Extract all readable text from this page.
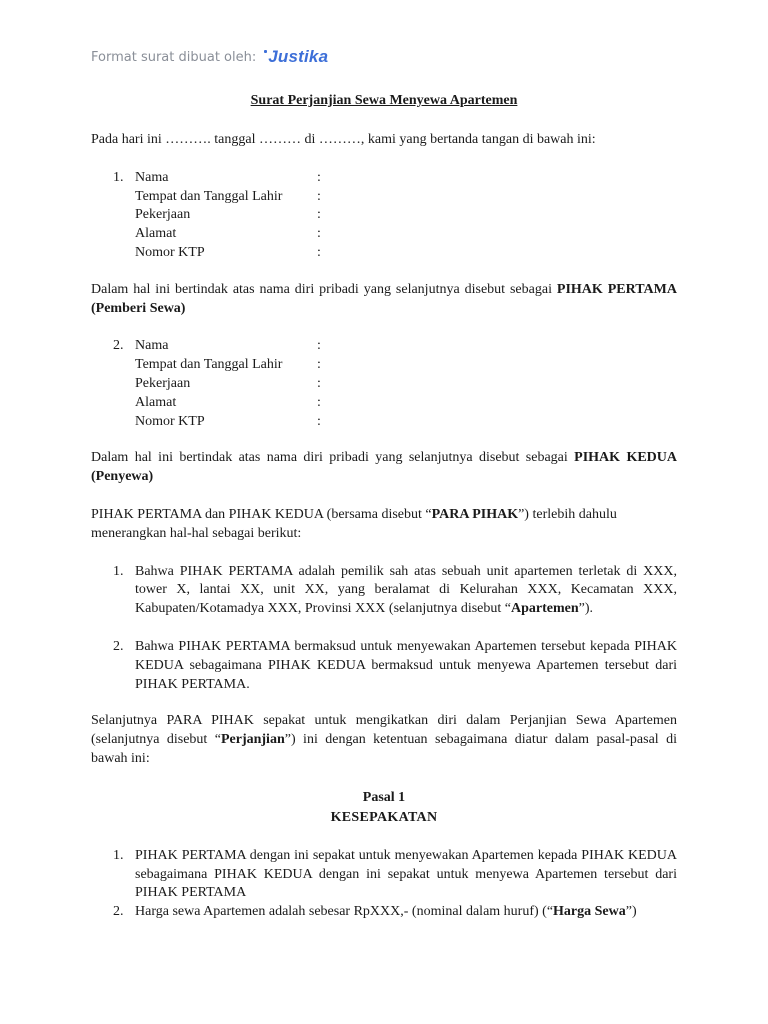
Format surat dibuat oleh: Justika

Surat Perjanjian Sewa Menyewa Apartemen

Pada hari ini ………. tanggal ……… di ………, kami yang bertanda tangan di bawah ini:

1. Nama	:
Tempat dan Tanggal Lahir	:
Pekerjaan	:
Alamat	:
Nomor KTP	:

Dalam hal ini bertindak atas nama diri pribadi yang selanjutnya disebut sebagai PIHAK PERTAMA (Pemberi Sewa)

2. Nama	:
Tempat dan Tanggal Lahir	:
Pekerjaan	:
Alamat	:
Nomor KTP	:

Dalam hal ini bertindak atas nama diri pribadi yang selanjutnya disebut sebagai PIHAK KEDUA (Penyewa)

PIHAK PERTAMA dan PIHAK KEDUA (bersama disebut “PARA PIHAK”) terlebih dahulu menerangkan hal-hal sebagai berikut:

1. Bahwa PIHAK PERTAMA adalah pemilik sah atas sebuah unit apartemen terletak di XXX, tower X, lantai XX, unit XX, yang beralamat di Kelurahan XXX, Kecamatan XXX, Kabupaten/Kotamadya XXX, Provinsi XXX (selanjutnya disebut “Apartemen”).
2. Bahwa PIHAK PERTAMA bermaksud untuk menyewakan Apartemen tersebut kepada PIHAK KEDUA sebagaimana PIHAK KEDUA bermaksud untuk menyewa Apartemen tersebut dari PIHAK PERTAMA.

Selanjutnya PARA PIHAK sepakat untuk mengikatkan diri dalam Perjanjian Sewa Apartemen (selanjutnya disebut “Perjanjian”) ini dengan ketentuan sebagaimana diatur dalam pasal-pasal di bawah ini:

Pasal 1

KESEPAKATAN

1. PIHAK PERTAMA dengan ini sepakat untuk menyewakan Apartemen kepada PIHAK KEDUA sebagaimana PIHAK KEDUA dengan ini sepakat untuk menyewa Apartemen tersebut dari PIHAK PERTAMA
2. Harga sewa Apartemen adalah sebesar RpXXX,- (nominal dalam huruf) (“Harga Sewa”)
